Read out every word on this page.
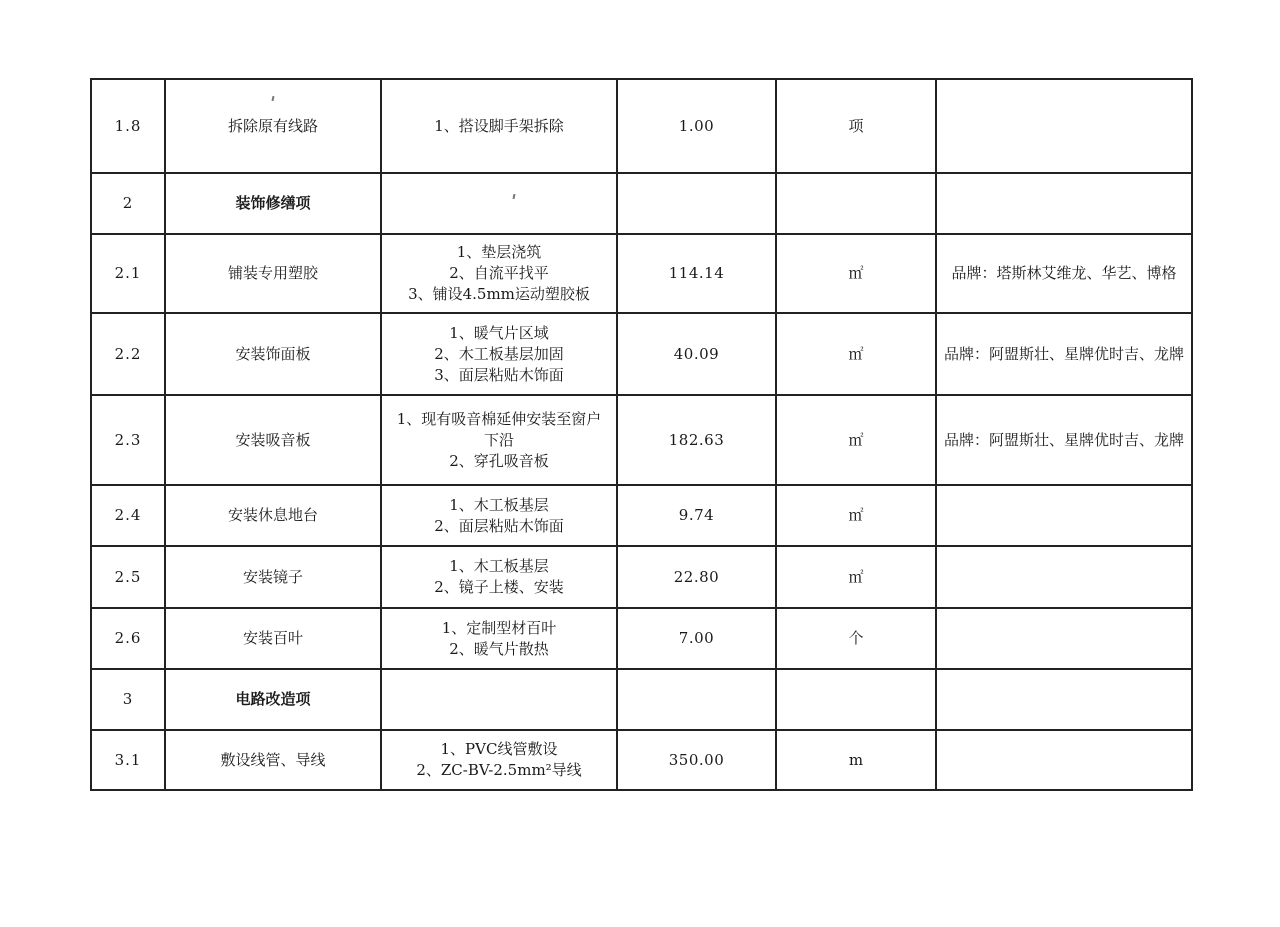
1.8	拆除原有线路	1、搭设脚手架拆除	1.00	项	
2	装饰修缮项				
2.1	铺装专用塑胶	1、垫层浇筑
2、自流平找平
3、铺设4.5mm运动塑胶板	114.14	㎡	品牌：塔斯林艾维龙、华艺、博格
2.2	安装饰面板	1、暖气片区域
2、木工板基层加固
3、面层粘贴木饰面	40.09	㎡	品牌：阿盟斯壮、星牌优时吉、龙牌
2.3	安装吸音板	1、现有吸音棉延伸安装至窗户
下沿
2、穿孔吸音板	182.63	㎡	品牌：阿盟斯壮、星牌优时吉、龙牌
2.4	安装休息地台	1、木工板基层
2、面层粘贴木饰面	9.74	㎡	
2.5	安装镜子	1、木工板基层
2、镜子上楼、安装	22.80	㎡	
2.6	安装百叶	1、定制型材百叶
2、暖气片散热	7.00	个	
3	电路改造项				
3.1	敷设线管、导线	1、PVC线管敷设
2、ZC-BV-2.5mm²导线	350.00	m	
